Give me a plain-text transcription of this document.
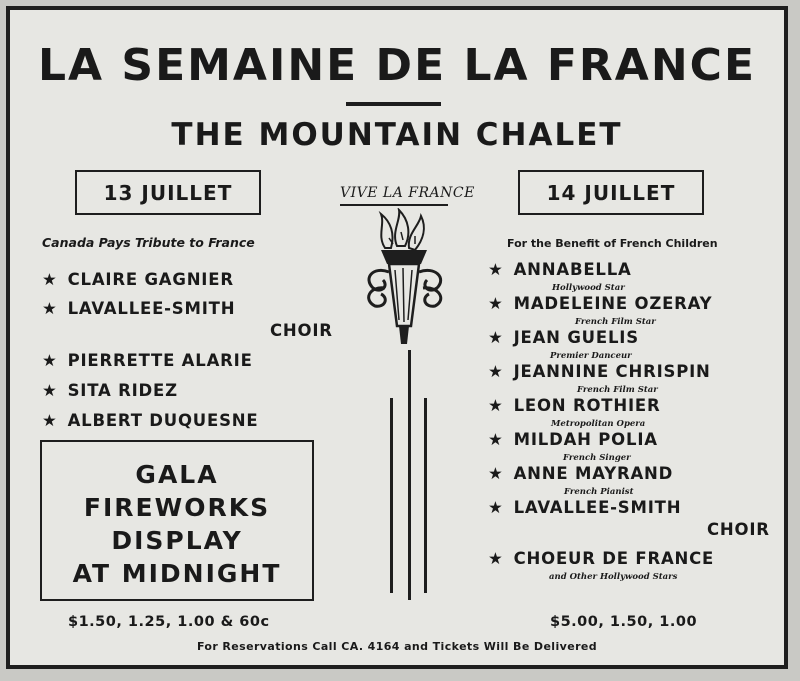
LA SEMAINE DE LA FRANCE
THE MOUNTAIN CHALET
13 JUILLET	14 JUILLET
VIVE LA FRANCE
Canada Pays Tribute to France	For the Benefit of French Children
★ CLAIRE GAGNIER
★ LAVALLEE-SMITH
CHOIR
★ PIERRETTE ALARIE
★ SITA RIDEZ
★ ALBERT DUQUESNE
GALA
FIREWORKS
DISPLAY
AT MIDNIGHT
★ ANNABELLA
Hollywood Star
★ MADELEINE OZERAY
French Film Star
★ JEAN GUELIS
Premier Danceur
★ JEANNINE CHRISPIN
French Film Star
★ LEON ROTHIER
Metropolitan Opera
★ MILDAH POLIA
French Singer
★ ANNE MAYRAND
French Pianist
★ LAVALLEE-SMITH
CHOIR
★ CHOEUR DE FRANCE
and Other Hollywood Stars
$1.50, 1.25, 1.00 & 60c	$5.00, 1.50, 1.00
For Reservations Call CA. 4164 and Tickets Will Be Delivered
